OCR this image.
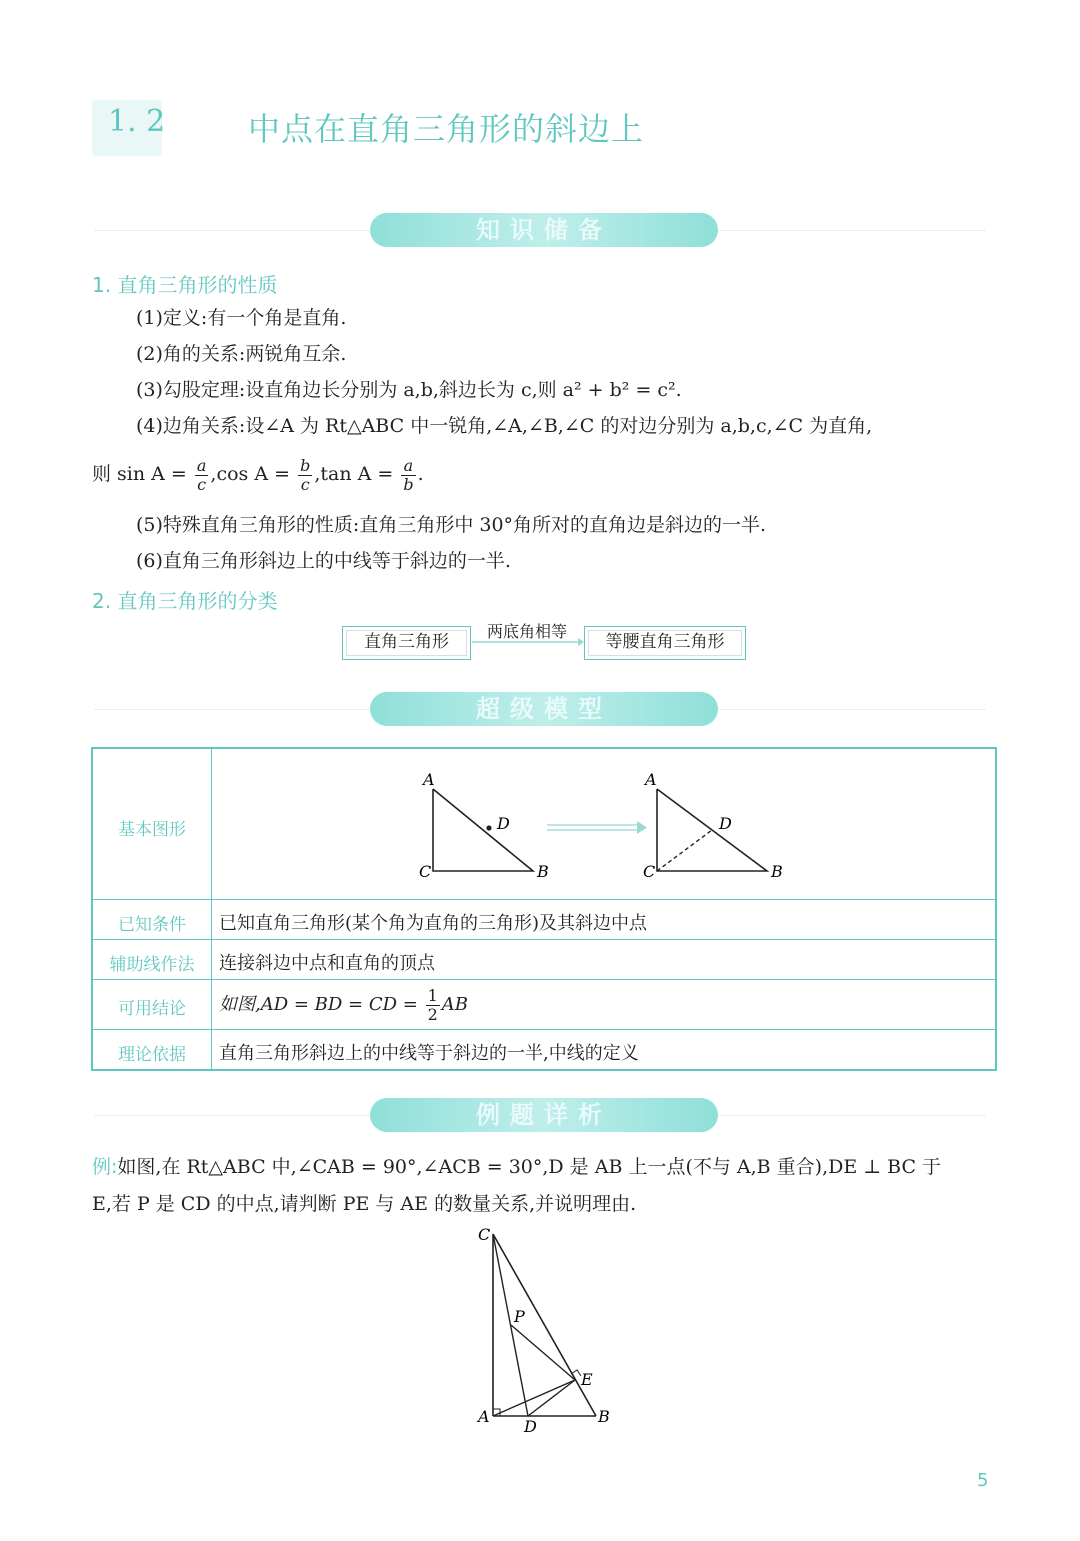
1. 2	中点在直角三角形的斜边上
知识储备
1. 直角三角形的性质
(1)定义:有一个角是直角.
(2)角的关系:两锐角互余.
(3)勾股定理:设直角边长分别为 a,b,斜边长为 c,则 a² + b² = c².
(4)边角关系:设∠A 为 Rt△ABC 中一锐角,∠A,∠B,∠C 的对边分别为 a,b,c,∠C 为直角,
则 $\sin A = \frac{a}{c} ,\cos$ $A = \frac{b}{c} ,\tan$ $A = \frac{a}{b}$ .
(5)特殊直角三角形的性质:直角三角形中 30°角所对的直角边是斜边的一半.
(6)直角三角形斜边上的中线等于斜边的一半.
2. 直角三角形的分类
直角三角形
两底角相等
等腰直角三角形
超级模型
基本图形
A
C	B
D
A
C	B
D
已知条件	已知直角三角形(某个角为直角的三角形)及其斜边中点
辅助线作法	连接斜边中点和直角的顶点
可用结论	如图,AD = BD = CD = $\frac{1}{2}$ AB
理论依据	直角三角形斜边上的中线等于斜边的一半,中线的定义
例题详析
例:如图,在 Rt△ABC 中,∠CAB = 90°,∠ACB = 30°,D 是 AB 上一点(不与 A,B 重合),DE ⊥ BC 于
E,若 P 是 CD 的中点,请判断 PE 与 AE 的数量关系,并说明理由.
C
A	B
D
E
P
5
